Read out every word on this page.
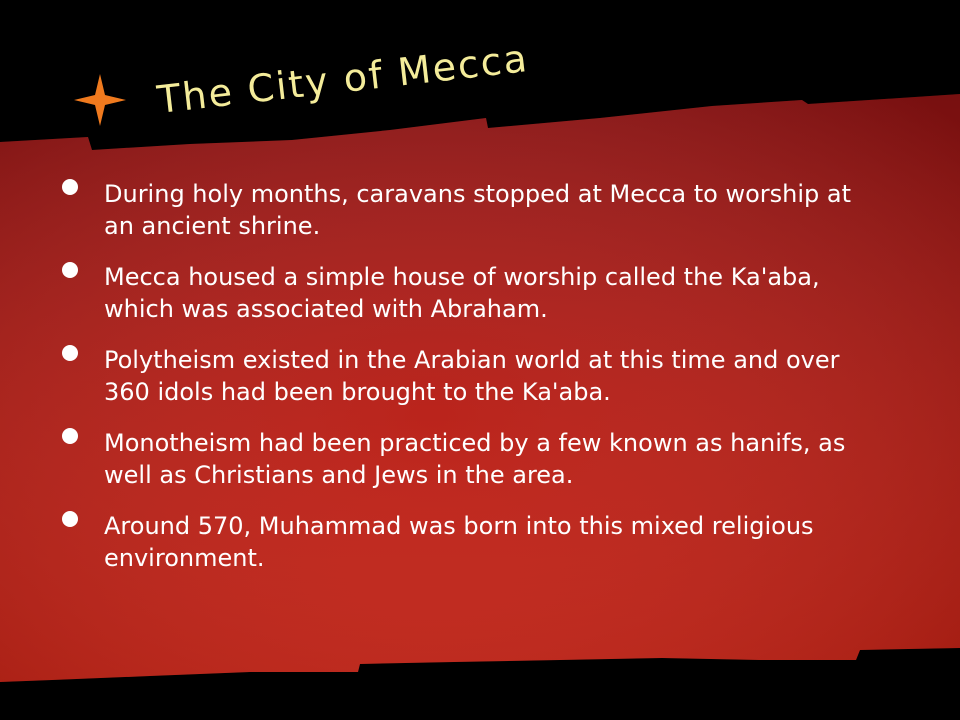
The City of Mecca
During holy months, caravans stopped at Mecca to worship at an ancient shrine.
Mecca housed a simple house of worship called the Ka'aba, which was associated with Abraham.
Polytheism existed in the Arabian world at this time and over 360 idols had been brought to the Ka'aba.
Monotheism had been practiced by a few known as hanifs, as well as Christians and Jews in the area.
Around 570, Muhammad was born into this mixed religious environment.
